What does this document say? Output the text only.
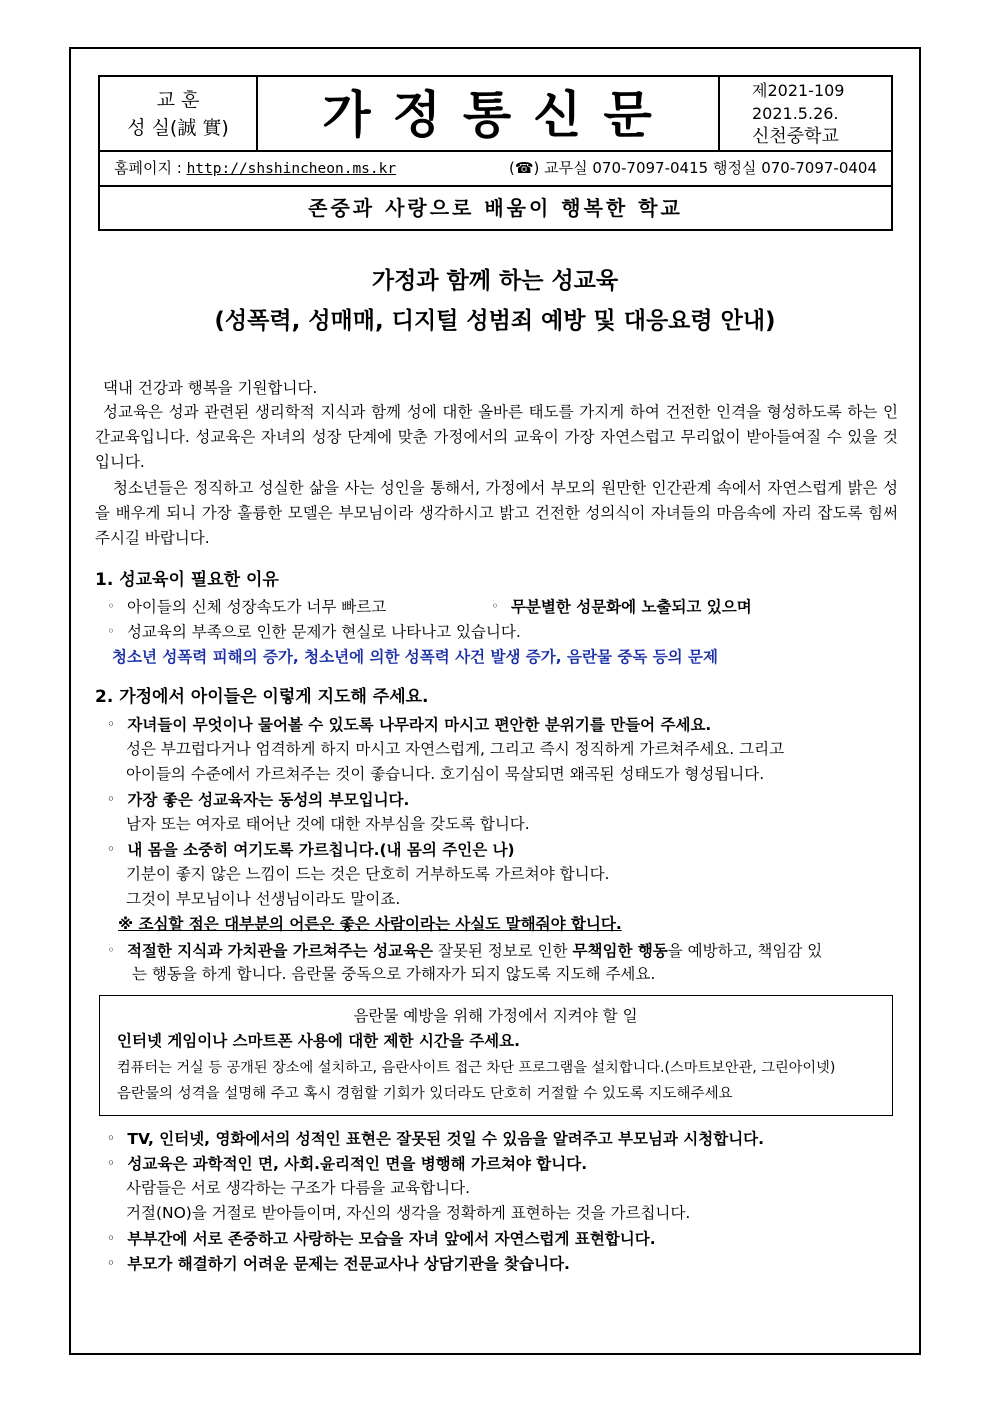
교 훈
성 실(誠 實)	가정통신문	제2021-109
2021.5.26.
신천중학교
홈페이지 : http://shshincheon.ms.kr	(☎) 교무실 070-7097-0415 행정실 070-7097-0404
존중과 사랑으로 배움이 행복한 학교
가정과 함께 하는 성교육
(성폭력, 성매매, 디지털 성범죄 예방 및 대응요령 안내)
댁내 건강과 행복을 기원합니다.

성교육은 성과 관련된 생리학적 지식과 함께 성에 대한 올바른 태도를 가지게 하여 건전한 인격을 형성하도록 하는 인간교육입니다. 성교육은 자녀의 성장 단계에 맞춘 가정에서의 교육이 가장 자연스럽고 무리없이 받아들여질 수 있을 것입니다.

청소년들은 정직하고 성실한 삶을 사는 성인을 통해서, 가정에서 부모의 원만한 인간관계 속에서 자연스럽게 밝은 성을 배우게 되니 가장 훌륭한 모델은 부모님이라 생각하시고 밝고 건전한 성의식이 자녀들의 마음속에 자리 잡도록 힘써주시길 바랍니다.

1. 성교육이 필요한 이유
◦ 아이들의 신체 성장속도가 너무 빠르고	◦ 무분별한 성문화에 노출되고 있으며
◦ 성교육의 부족으로 인한 문제가 현실로 나타나고 있습니다.
청소년 성폭력 피해의 증가, 청소년에 의한 성폭력 사건 발생 증가, 음란물 중독 등의 문제
2. 가정에서 아이들은 이렇게 지도해 주세요.
◦ 자녀들이 무엇이나 물어볼 수 있도록 나무라지 마시고 편안한 분위기를 만들어 주세요.
성은 부끄럽다거나 엄격하게 하지 마시고 자연스럽게, 그리고 즉시 정직하게 가르쳐주세요. 그리고
아이들의 수준에서 가르쳐주는 것이 좋습니다. 호기심이 묵살되면 왜곡된 성태도가 형성됩니다.
◦ 가장 좋은 성교육자는 동성의 부모입니다.
남자 또는 여자로 태어난 것에 대한 자부심을 갖도록 합니다.
◦ 내 몸을 소중히 여기도록 가르칩니다.(내 몸의 주인은 나)
기분이 좋지 않은 느낌이 드는 것은 단호히 거부하도록 가르쳐야 합니다.
그것이 부모님이나 선생님이라도 말이죠.
※ 조심할 점은 대부분의 어른은 좋은 사람이라는 사실도 말해줘야 합니다.
◦ 적절한 지식과 가치관을 가르쳐주는 성교육은 잘못된 정보로 인한 무책임한 행동을 예방하고, 책임감 있
는 행동을 하게 합니다. 음란물 중독으로 가해자가 되지 않도록 지도해 주세요.
음란물 예방을 위해 가정에서 지켜야 할 일
인터넷 게임이나 스마트폰 사용에 대한 제한 시간을 주세요.
컴퓨터는 거실 등 공개된 장소에 설치하고, 음란사이트 접근 차단 프로그램을 설치합니다.(스마트보안관, 그린아이넷)
음란물의 성격을 설명해 주고 혹시 경험할 기회가 있더라도 단호히 거절할 수 있도록 지도해주세요
◦ TV, 인터넷, 영화에서의 성적인 표현은 잘못된 것일 수 있음을 알려주고 부모님과 시청합니다.
◦ 성교육은 과학적인 면, 사회.윤리적인 면을 병행해 가르쳐야 합니다.
사람들은 서로 생각하는 구조가 다름을 교육합니다.
거절(NO)을 거절로 받아들이며, 자신의 생각을 정확하게 표현하는 것을 가르칩니다.
◦ 부부간에 서로 존중하고 사랑하는 모습을 자녀 앞에서 자연스럽게 표현합니다.
◦ 부모가 해결하기 어려운 문제는 전문교사나 상담기관을 찾습니다.
